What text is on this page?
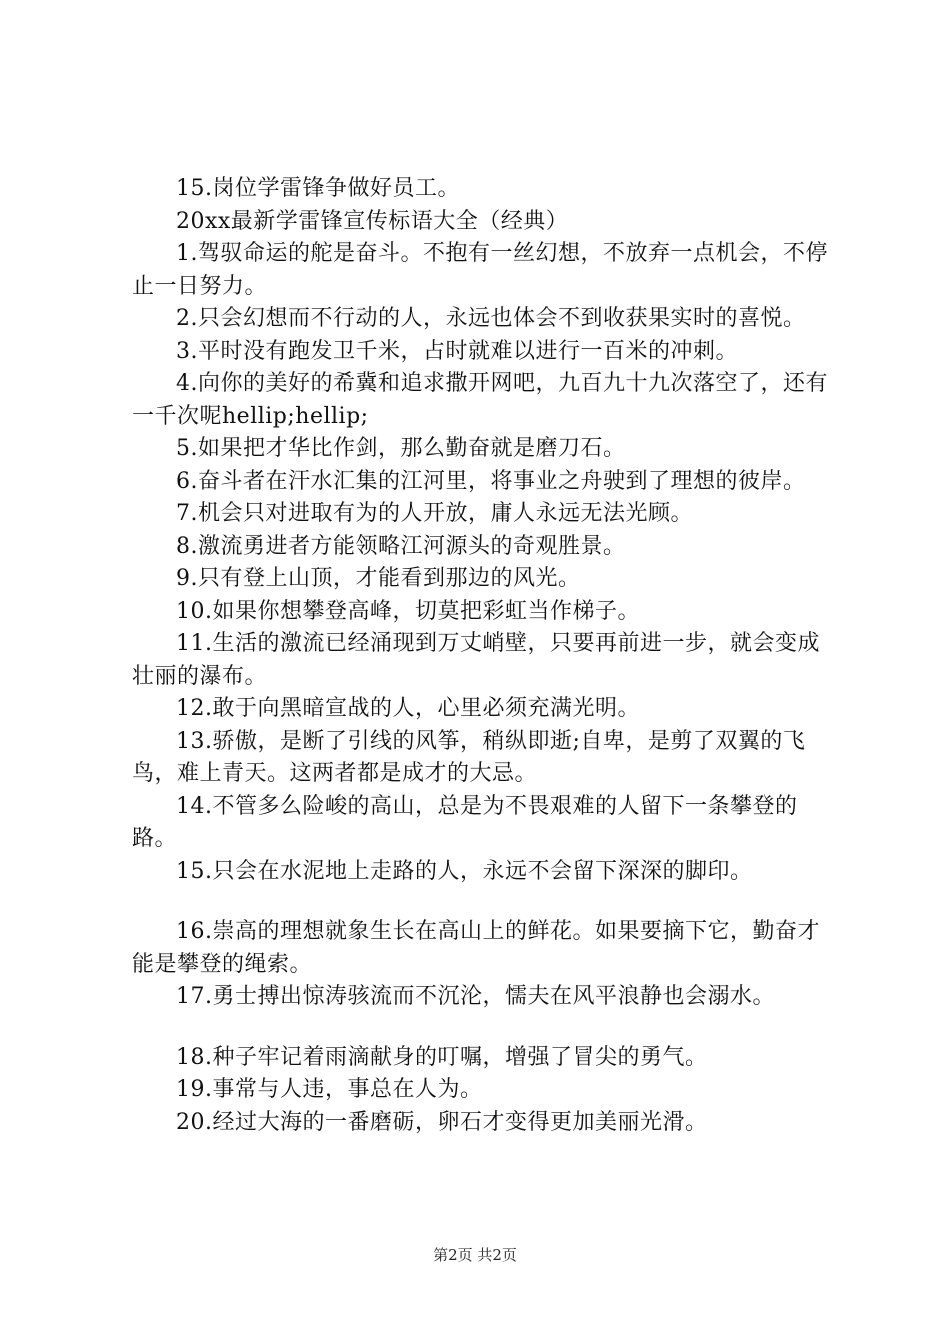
15.岗位学雷锋争做好员工。

20xx最新学雷锋宣传标语大全（经典）

1.驾驭命运的舵是奋斗。不抱有一丝幻想，不放弃一点机会，不停止一日努力。

2.只会幻想而不行动的人，永远也体会不到收获果实时的喜悦。

3.平时没有跑发卫千米，占时就难以进行一百米的冲刺。

4.向你的美好的希冀和追求撒开网吧，九百九十九次落空了，还有一千次呢hellip;hellip;

5.如果把才华比作剑，那么勤奋就是磨刀石。

6.奋斗者在汗水汇集的江河里，将事业之舟驶到了理想的彼岸。

7.机会只对进取有为的人开放，庸人永远无法光顾。

8.激流勇进者方能领略江河源头的奇观胜景。

9.只有登上山顶，才能看到那边的风光。

10.如果你想攀登高峰，切莫把彩虹当作梯子。

11.生活的激流已经涌现到万丈峭壁，只要再前进一步，就会变成壮丽的瀑布。

12.敢于向黑暗宣战的人，心里必须充满光明。

13.骄傲，是断了引线的风筝，稍纵即逝;自卑，是剪了双翼的飞鸟，难上青天。这两者都是成才的大忌。

14.不管多么险峻的高山，总是为不畏艰难的人留下一条攀登的路。

15.只会在水泥地上走路的人，永远不会留下深深的脚印。

16.崇高的理想就象生长在高山上的鲜花。如果要摘下它，勤奋才能是攀登的绳索。

17.勇士搏出惊涛骇流而不沉沦，懦夫在风平浪静也会溺水。

18.种子牢记着雨滴献身的叮嘱，增强了冒尖的勇气。

19.事常与人违，事总在人为。

20.经过大海的一番磨砺，卵石才变得更加美丽光滑。

第2页 共2页
